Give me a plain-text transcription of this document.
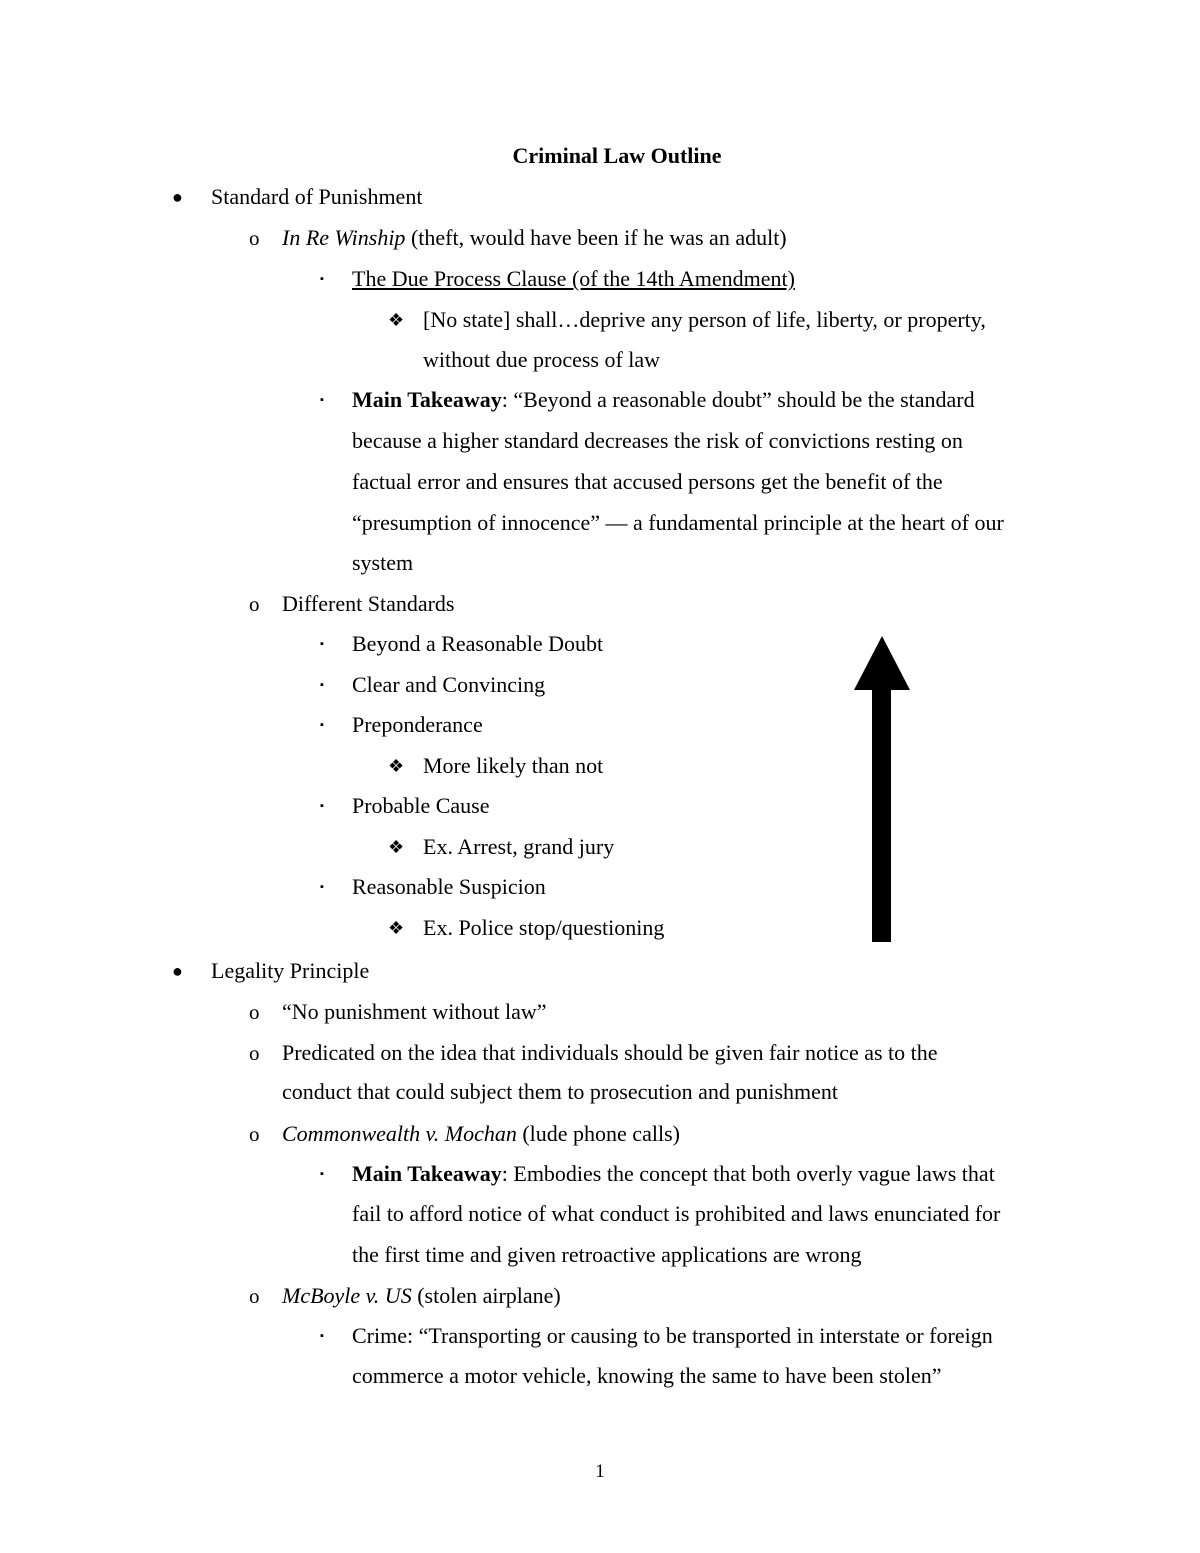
Criminal Law Outline
● Standard of Punishment
o In Re Winship (theft, would have been if he was an adult)
▪ The Due Process Clause (of the 14th Amendment)
❖ [No state] shall…deprive any person of life, liberty, or property,
without due process of law
▪ Main Takeaway: “Beyond a reasonable doubt” should be the standard
because a higher standard decreases the risk of convictions resting on
factual error and ensures that accused persons get the benefit of the
“presumption of innocence” — a fundamental principle at the heart of our
system
o Different Standards
▪ Beyond a Reasonable Doubt
▪ Clear and Convincing
▪ Preponderance
❖ More likely than not
▪ Probable Cause
❖ Ex. Arrest, grand jury
▪ Reasonable Suspicion
❖ Ex. Police stop/questioning
● Legality Principle
o “No punishment without law”
o Predicated on the idea that individuals should be given fair notice as to the
conduct that could subject them to prosecution and punishment
o Commonwealth v. Mochan (lude phone calls)
▪ Main Takeaway: Embodies the concept that both overly vague laws that
fail to afford notice of what conduct is prohibited and laws enunciated for
the first time and given retroactive applications are wrong
o McBoyle v. US (stolen airplane)
▪ Crime: “Transporting or causing to be transported in interstate or foreign
commerce a motor vehicle, knowing the same to have been stolen”
1
